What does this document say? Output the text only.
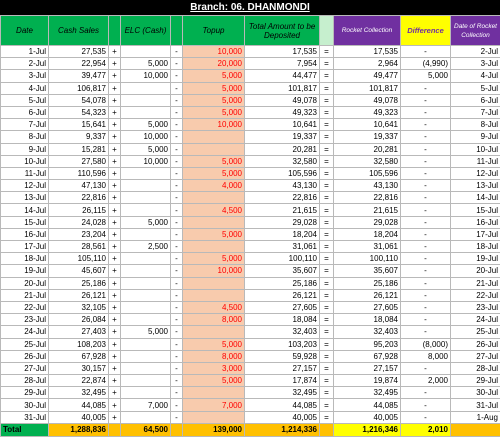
Branch: 06. DHANMONDI
Date	Cash Sales		ELC (Cash)		Topup	Total Amount to be Deposited		Rocket Collection	Difference	Date of Rocket Collection
1-Jul	27,535	+		-	10,000	17,535	=	17,535	-	2-Jul
2-Jul	22,954	+	5,000	-	20,000	7,954	=	2,964	(4,990)	3-Jul
3-Jul	39,477	+	10,000	-	5,000	44,477	=	49,477	5,000	4-Jul
4-Jul	106,817	+		-	5,000	101,817	=	101,817	-	5-Jul
5-Jul	54,078	+		-	5,000	49,078	=	49,078	-	6-Jul
6-Jul	54,323	+		-	5,000	49,323	=	49,323	-	7-Jul
7-Jul	15,641	+	5,000	-	10,000	10,641	=	10,641	-	8-Jul
8-Jul	9,337	+	10,000	-		19,337	=	19,337	-	9-Jul
9-Jul	15,281	+	5,000	-		20,281	=	20,281	-	10-Jul
10-Jul	27,580	+	10,000	-	5,000	32,580	=	32,580	-	11-Jul
11-Jul	110,596	+		-	5,000	105,596	=	105,596	-	12-Jul
12-Jul	47,130	+		-	4,000	43,130	=	43,130	-	13-Jul
13-Jul	22,816	+		-		22,816	=	22,816	-	14-Jul
14-Jul	26,115	+		-	4,500	21,615	=	21,615	-	15-Jul
15-Jul	24,028	+	5,000	-		29,028	=	29,028	-	16-Jul
16-Jul	23,204	+		-	5,000	18,204	=	18,204	-	17-Jul
17-Jul	28,561	+	2,500	-		31,061	=	31,061	-	18-Jul
18-Jul	105,110	+		-	5,000	100,110	=	100,110	-	19-Jul
19-Jul	45,607	+		-	10,000	35,607	=	35,607	-	20-Jul
20-Jul	25,186	+		-		25,186	=	25,186	-	21-Jul
21-Jul	26,121	+		-		26,121	=	26,121	-	22-Jul
22-Jul	32,105	+		-	4,500	27,605	=	27,605	-	23-Jul
23-Jul	26,084	+		-	8,000	18,084	=	18,084	-	24-Jul
24-Jul	27,403	+	5,000	-		32,403	=	32,403	-	25-Jul
25-Jul	108,203	+		-	5,000	103,203	=	95,203	(8,000)	26-Jul
26-Jul	67,928	+		-	8,000	59,928	=	67,928	8,000	27-Jul
27-Jul	30,157	+		-	3,000	27,157	=	27,157	-	28-Jul
28-Jul	22,874	+		-	5,000	17,874	=	19,874	2,000	29-Jul
29-Jul	32,495	+		-		32,495	=	32,495	-	30-Jul
30-Jul	44,085	+	7,000	-	7,000	44,085	=	44,085	-	31-Jul
31-Jul	40,005	+		-		40,005	=	40,005	-	1-Aug
Total	1,288,836		64,500		139,000	1,214,336		1,216,346	2,010	
